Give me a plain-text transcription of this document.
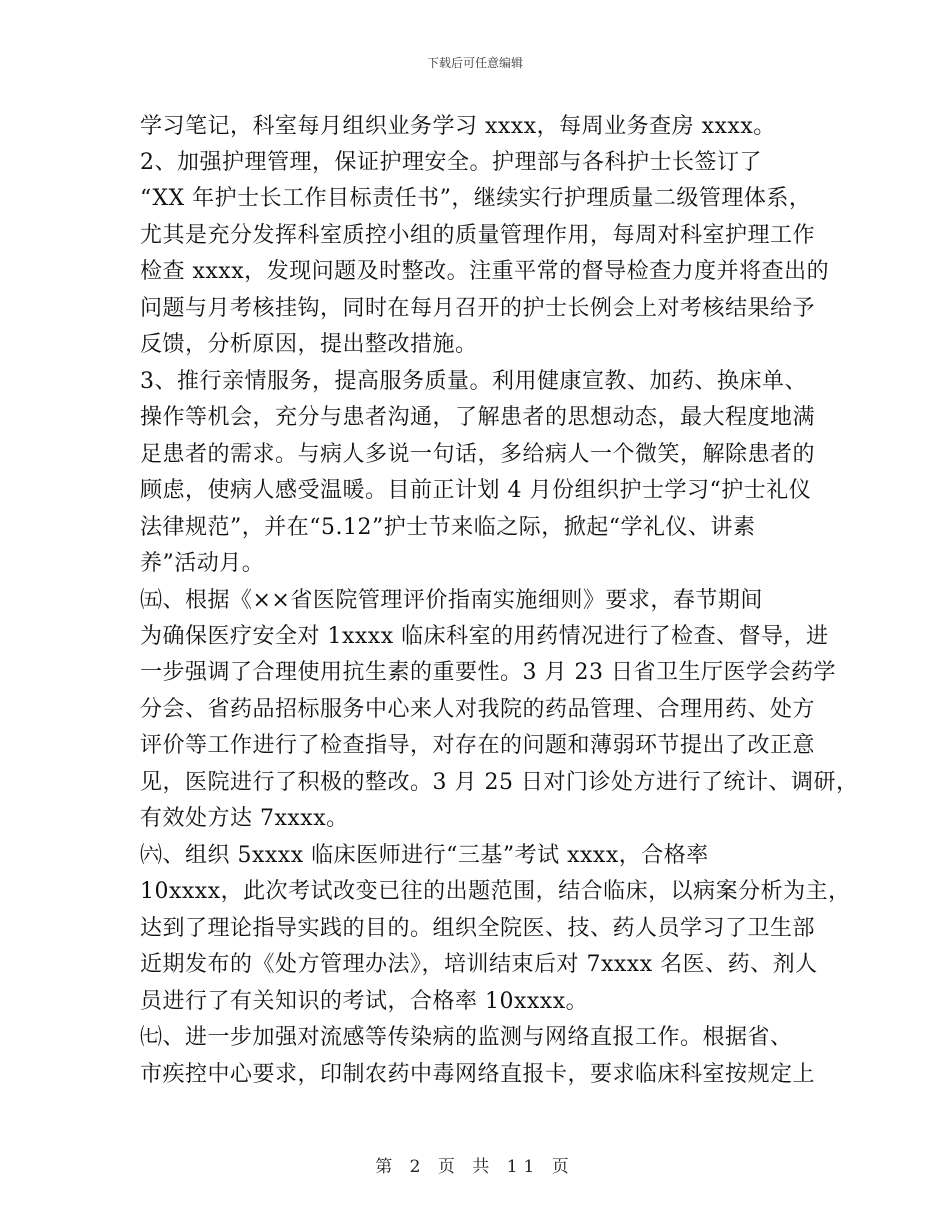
下载后可任意编辑
学习笔记，科室每月组织业务学习 xxxx，每周业务查房 xxxx。
2、加强护理管理，保证护理安全。护理部与各科护士长签订了
“XX 年护士长工作目标责任书”，继续实行护理质量二级管理体系，
尤其是充分发挥科室质控小组的质量管理作用，每周对科室护理工作
检查 xxxx，发现问题及时整改。注重平常的督导检查力度并将查出的
问题与月考核挂钩，同时在每月召开的护士长例会上对考核结果给予
反馈，分析原因，提出整改措施。
3、推行亲情服务，提高服务质量。利用健康宣教、加药、换床单、
操作等机会，充分与患者沟通，了解患者的思想动态，最大程度地满
足患者的需求。与病人多说一句话，多给病人一个微笑，解除患者的
顾虑，使病人感受温暖。目前正计划 4 月份组织护士学习“护士礼仪
法律规范”，并在“5.12”护士节来临之际，掀起“学礼仪、讲素
养”活动月。
㈤、根据《××省医院管理评价指南实施细则》要求，春节期间
为确保医疗安全对 1xxxx 临床科室的用药情况进行了检查、督导，进
一步强调了合理使用抗生素的重要性。3 月 23 日省卫生厅医学会药学
分会、省药品招标服务中心来人对我院的药品管理、合理用药、处方
评价等工作进行了检查指导，对存在的问题和薄弱环节提出了改正意
见，医院进行了积极的整改。3 月 25 日对门诊处方进行了统计、调研，
有效处方达 7xxxx。
㈥、组织 5xxxx 临床医师进行“三基”考试 xxxx，合格率
10xxxx，此次考试改变已往的出题范围，结合临床，以病案分析为主，
达到了理论指导实践的目的。组织全院医、技、药人员学习了卫生部
近期发布的《处方管理办法》，培训结束后对 7xxxx 名医、药、剂人
员进行了有关知识的考试，合格率 10xxxx。
㈦、进一步加强对流感等传染病的监测与网络直报工作。根据省、
市疾控中心要求，印制农药中毒网络直报卡，要求临床科室按规定上
第 2 页 共 11 页
